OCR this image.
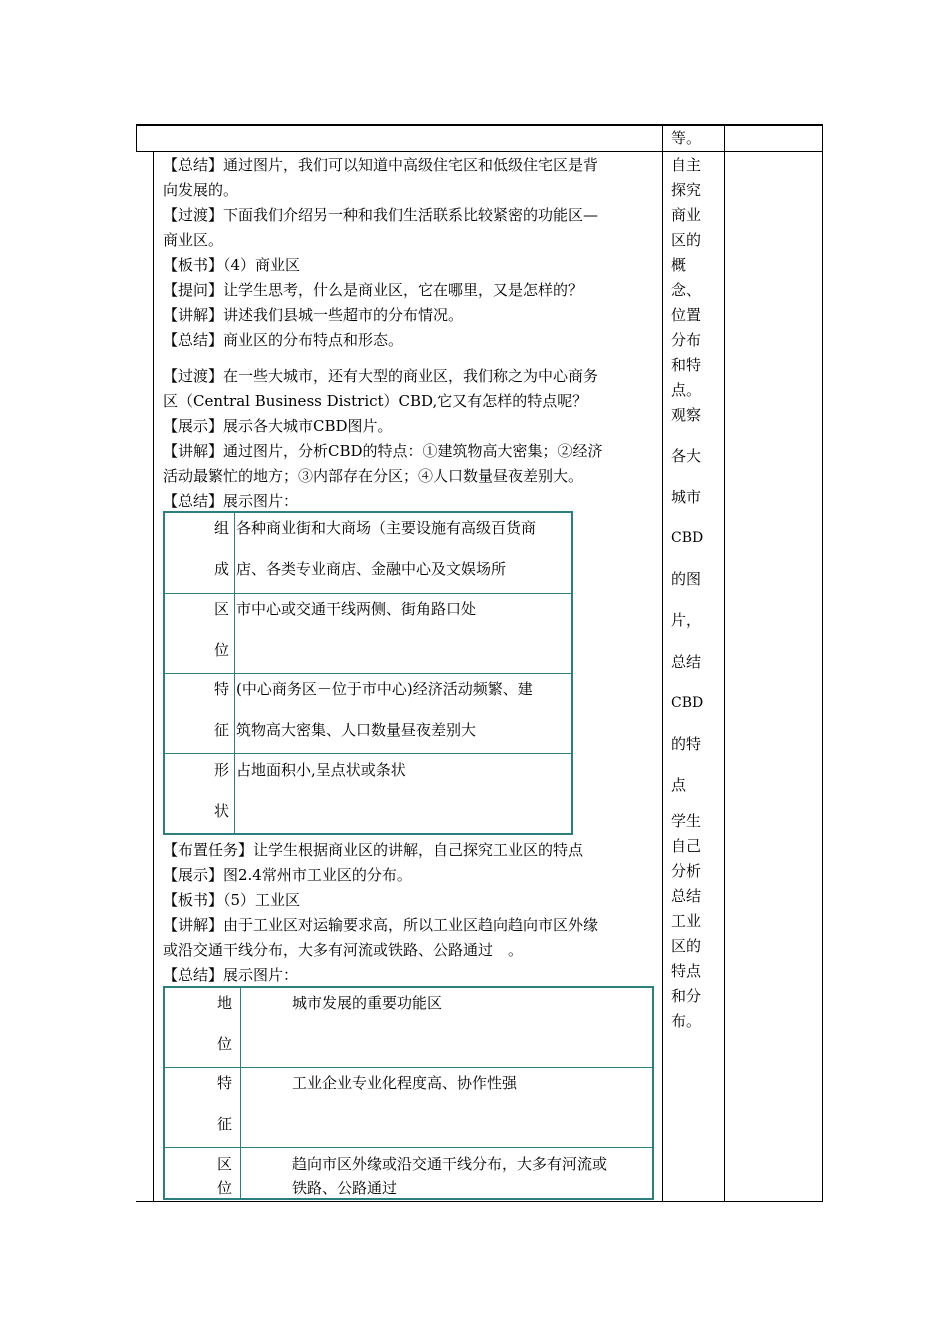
等。
【总结】通过图片，我们可以知道中高级住宅区和低级住宅区是背
向发展的。
【过渡】下面我们介绍另一种和我们生活联系比较紧密的功能区—
商业区。
【板书】（4）商业区
【提问】让学生思考，什么是商业区，它在哪里，又是怎样的？
【讲解】讲述我们县城一些超市的分布情况。
【总结】商业区的分布特点和形态。
【过渡】在一些大城市，还有大型的商业区，我们称之为中心商务
区（Central Business District）CBD,它又有怎样的特点呢？
【展示】展示各大城市CBD图片。
【讲解】通过图片，分析CBD的特点：①建筑物高大密集；②经济
活动最繁忙的地方；③内部存在分区；④人口数量昼夜差别大。
【总结】展示图片：
组
成
各种商业街和大商场（主要设施有高级百货商
店、各类专业商店、金融中心及文娱场所
区
位
市中心或交通干线两侧、街角路口处
特
征
(中心商务区－位于市中心)经济活动频繁、建
筑物高大密集、人口数量昼夜差别大
形
状
占地面积小,呈点状或条状
【布置任务】让学生根据商业区的讲解，自己探究工业区的特点
【展示】图2.4常州市工业区的分布。
【板书】（5）工业区
【讲解】由于工业区对运输要求高，所以工业区趋向趋向市区外缘
或沿交通干线分布，大多有河流或铁路、公路通过　。
【总结】展示图片：
地
位
城市发展的重要功能区
特
征
工业企业专业化程度高、协作性强
区
位
趋向市区外缘或沿交通干线分布，大多有河流或
铁路、公路通过
自主
探究
商业
区的
概
念、
位置
分布
和特
点。
观察
各大
城市
CBD
的图
片，
总结
CBD
的特
点
学生
自己
分析
总结
工业
区的
特点
和分
布。
